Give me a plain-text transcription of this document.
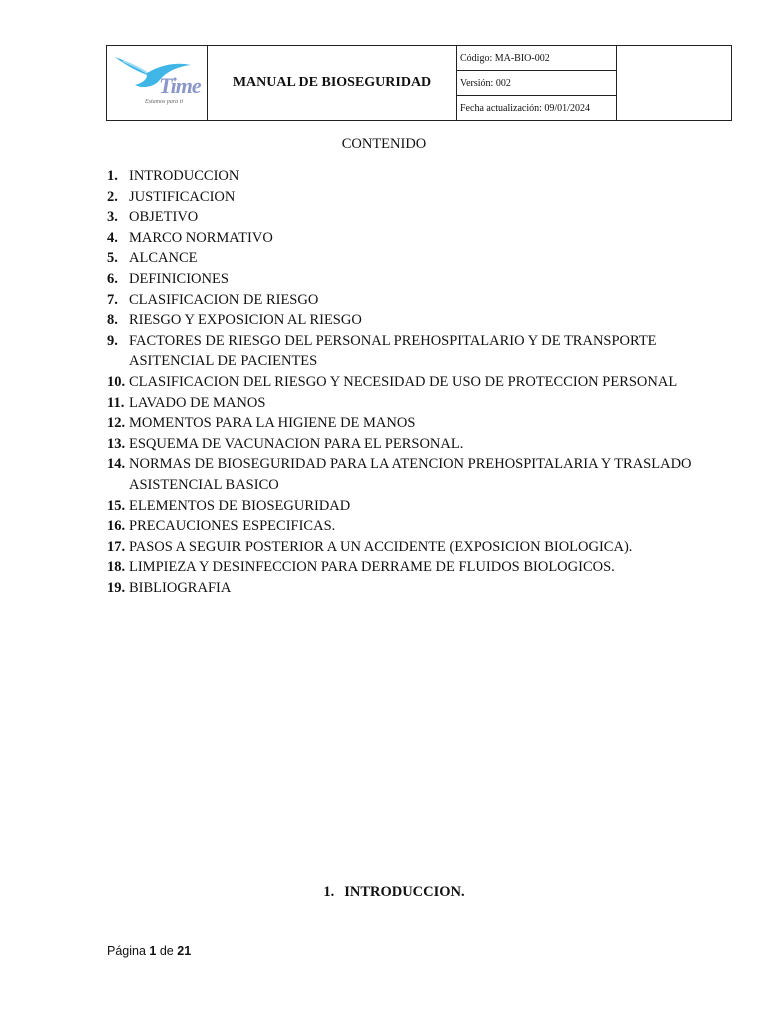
Time
Estamos para ti
	MANUAL DE BIOSEGURIDAD	Código: MA-BIO-002	
Versión: 002
Fecha actualización: 09/01/2024
CONTENIDO
1. INTRODUCCION
2. JUSTIFICACION
3. OBJETIVO
4. MARCO NORMATIVO
5. ALCANCE
6. DEFINICIONES
7. CLASIFICACION DE RIESGO
8. RIESGO Y EXPOSICION AL RIESGO
9. FACTORES DE RIESGO DEL PERSONAL PREHOSPITALARIO Y DE TRANSPORTE ASITENCIAL DE PACIENTES
10. CLASIFICACION DEL RIESGO Y NECESIDAD DE USO DE PROTECCION PERSONAL
11. LAVADO DE MANOS
12. MOMENTOS PARA LA HIGIENE DE MANOS
13. ESQUEMA DE VACUNACION PARA EL PERSONAL.
14. NORMAS DE BIOSEGURIDAD PARA LA ATENCION PREHOSPITALARIA Y TRASLADO ASISTENCIAL BASICO
15. ELEMENTOS DE BIOSEGURIDAD
16. PRECAUCIONES ESPECIFICAS.
17. PASOS A SEGUIR POSTERIOR A UN ACCIDENTE (EXPOSICION BIOLOGICA).
18. LIMPIEZA Y DESINFECCION PARA DERRAME DE FLUIDOS BIOLOGICOS.
19. BIBLIOGRAFIA
1. INTRODUCCION.
Página 1 de 21
